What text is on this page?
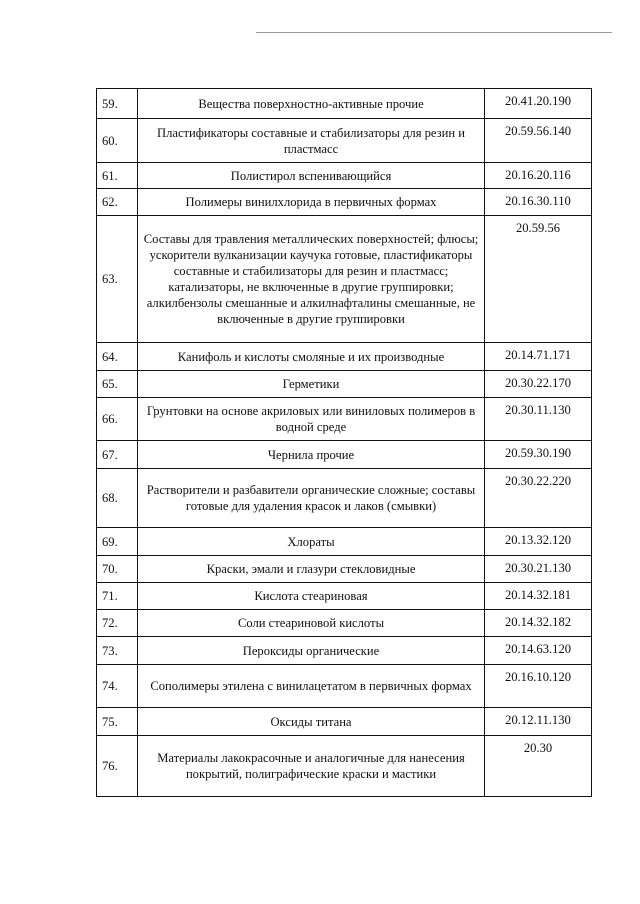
59.	Вещества поверхностно-активные прочие	20.41.20.190
60.	Пластификаторы составные и стабилизаторы для резин и пластмасс	20.59.56.140
61.	Полистирол вспенивающийся	20.16.20.116
62.	Полимеры винилхлорида в первичных формах	20.16.30.110
63.	Составы для травления металлических поверхностей; флюсы; ускорители вулканизации каучука готовые, пластификаторы составные и стабилизаторы для резин и пластмасс; катализаторы, не включенные в другие группировки; алкилбензолы смешанные и алкилнафталины смешанные, не включенные в другие группировки	20.59.56
64.	Канифоль и кислоты смоляные и их производные	20.14.71.171
65.	Герметики	20.30.22.170
66.	Грунтовки на основе акриловых или виниловых полимеров в водной среде	20.30.11.130
67.	Чернила прочие	20.59.30.190
68.	Растворители и разбавители органические сложные; составы готовые для удаления красок и лаков (смывки)	20.30.22.220
69.	Хлораты	20.13.32.120
70.	Краски, эмали и глазури стекловидные	20.30.21.130
71.	Кислота стеариновая	20.14.32.181
72.	Соли стеариновой кислоты	20.14.32.182
73.	Пероксиды органические	20.14.63.120
74.	Сополимеры этилена с винилацетатом в первичных формах	20.16.10.120
75.	Оксиды титана	20.12.11.130
76.	Материалы лакокрасочные и аналогичные для нанесения покрытий, полиграфические краски и мастики	20.30
